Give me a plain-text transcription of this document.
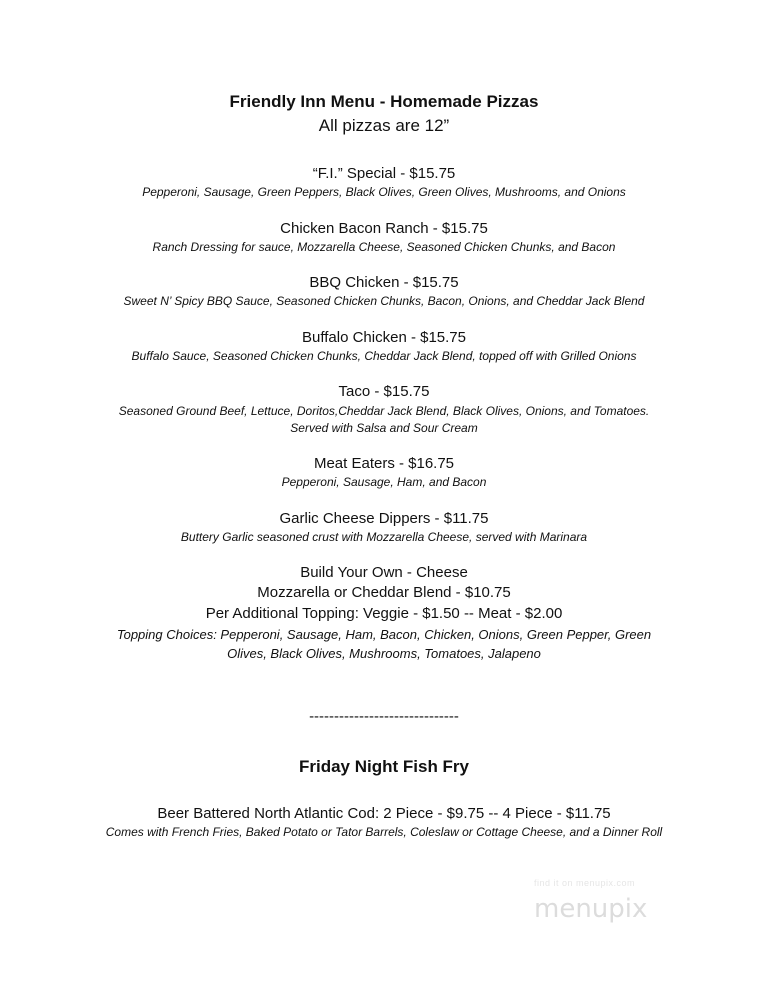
Friendly Inn Menu - Homemade Pizzas
All pizzas are 12”
“F.I.” Special - $15.75
Pepperoni, Sausage, Green Peppers, Black Olives, Green Olives, Mushrooms, and Onions
Chicken Bacon Ranch - $15.75
Ranch Dressing for sauce, Mozzarella Cheese, Seasoned Chicken Chunks, and Bacon
BBQ Chicken - $15.75
Sweet N’ Spicy BBQ Sauce, Seasoned Chicken Chunks, Bacon, Onions, and Cheddar Jack Blend
Buffalo Chicken - $15.75
Buffalo Sauce, Seasoned Chicken Chunks, Cheddar Jack Blend, topped off with Grilled Onions
Taco - $15.75
Seasoned Ground Beef, Lettuce, Doritos,Cheddar Jack Blend, Black Olives, Onions, and Tomatoes.
Served with Salsa and Sour Cream
Meat Eaters - $16.75
Pepperoni, Sausage, Ham, and Bacon
Garlic Cheese Dippers - $11.75
Buttery Garlic seasoned crust with Mozzarella Cheese, served with Marinara
Build Your Own - Cheese
Mozzarella or Cheddar Blend - $10.75
Per Additional Topping: Veggie - $1.50 -- Meat - $2.00
Topping Choices: Pepperoni, Sausage, Ham, Bacon, Chicken, Onions, Green Pepper, Green
Olives, Black Olives, Mushrooms, Tomatoes, Jalapeno
------------------------------
Friday Night Fish Fry
Beer Battered North Atlantic Cod: 2 Piece - $9.75 -- 4 Piece - $11.75
Comes with French Fries, Baked Potato or Tator Barrels, Coleslaw or Cottage Cheese, and a Dinner Roll
find it on menupix.com
menupix
